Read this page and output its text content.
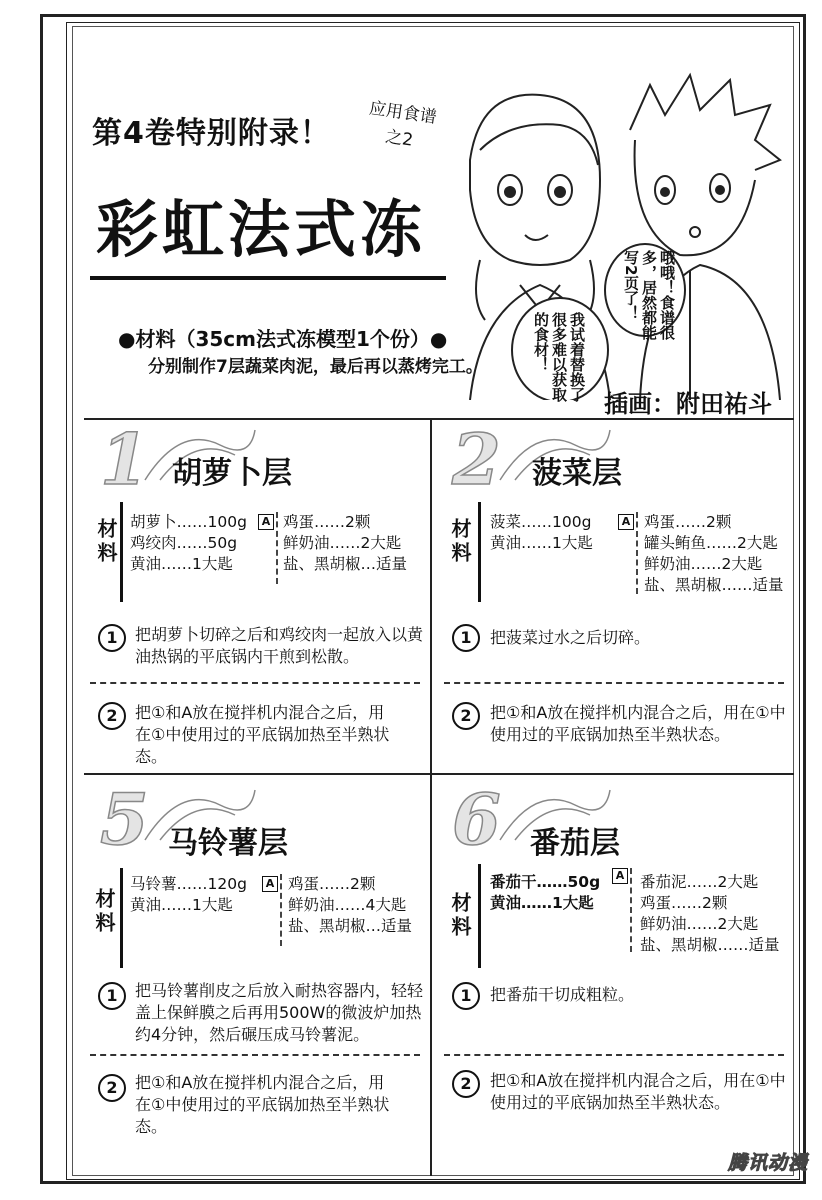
第4卷特别附录！
应用食谱
之2
彩虹法式冻
●材料（35cm法式冻模型1个份）●
分别制作7层蔬菜肉泥，最后再以蒸烤完工。	我试着替换了很多难以获取的食材！
哦哦！食谱很多，居然都能写2页了！
插画：附田祐斗
1 胡萝卜层
材料 胡萝卜……100g
鸡绞肉……50g
黄油……1大匙
A 鸡蛋……2颗
鲜奶油……2大匙
盐、黑胡椒…适量
1	把胡萝卜切碎之后和鸡绞肉一起放入以黄油热锅的平底锅内干煎到松散。
2	把①和A放在搅拌机内混合之后，用在①中使用过的平底锅加热至半熟状态。
2 菠菜层
材料 菠菜……100g
黄油……1大匙
A 鸡蛋……2颗
罐头鲔鱼……2大匙
鲜奶油……2大匙
盐、黑胡椒……适量
1	把菠菜过水之后切碎。
2	把①和A放在搅拌机内混合之后，用在①中使用过的平底锅加热至半熟状态。
5 马铃薯层
材料
马铃薯……120g
黄油……1大匙
A 鸡蛋……2颗
鲜奶油……4大匙
盐、黑胡椒…适量
1	把马铃薯削皮之后放入耐热容器内，轻轻盖上保鲜膜之后再用500W的微波炉加热约4分钟，然后碾压成马铃薯泥。
2	把①和A放在搅拌机内混合之后，用在①中使用过的平底锅加热至半熟状态。
6 番茄层
材料
番茄干……50g
黄油……1大匙
A 番茄泥……2大匙
鸡蛋……2颗
鲜奶油……2大匙
盐、黑胡椒……适量
1	把番茄干切成粗粒。
2	把①和A放在搅拌机内混合之后，用在①中使用过的平底锅加热至半熟状态。
腾讯动漫
